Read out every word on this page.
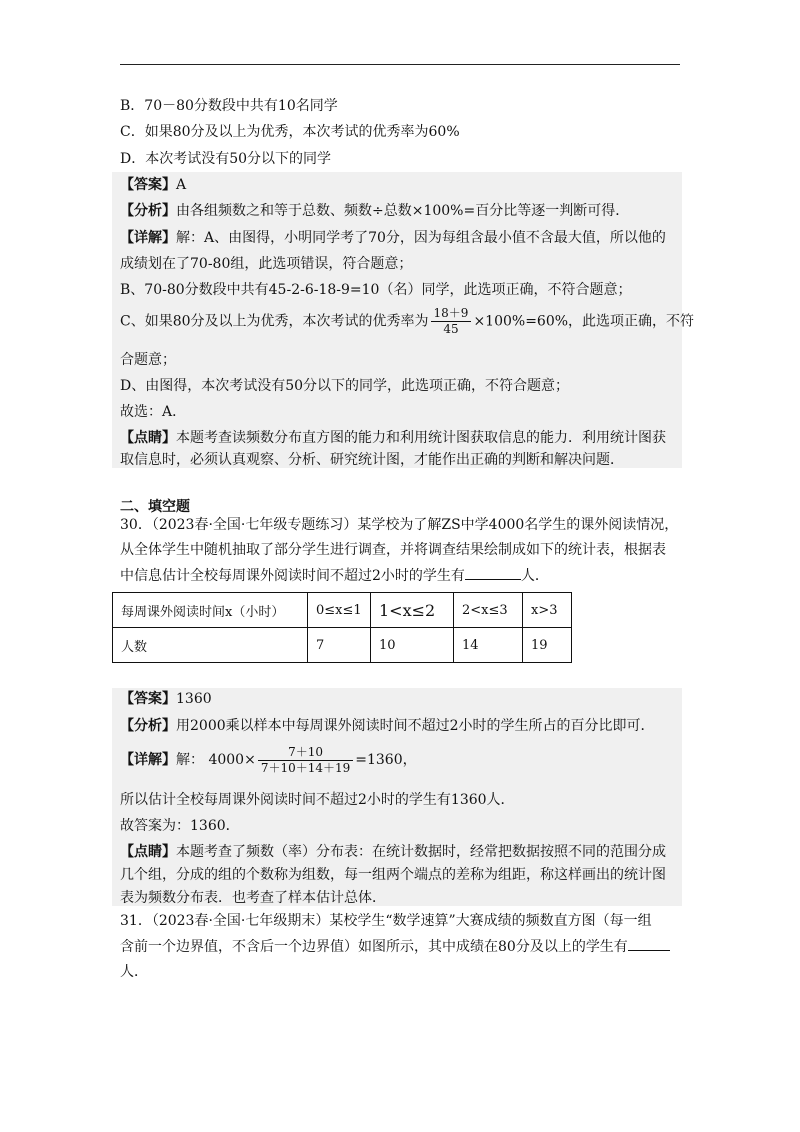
B．70－80分数段中共有10名同学
C．如果80分及以上为优秀，本次考试的优秀率为60%
D．本次考试没有50分以下的同学
【答案】A
【分析】由各组频数之和等于总数、频数÷总数×100%=百分比等逐一判断可得．
【详解】解：A、由图得，小明同学考了70分，因为每组含最小值不含最大值，所以他的
成绩划在了70-80组，此选项错误，符合题意；
B、70-80分数段中共有45-2-6-18-9=10（名）同学，此选项正确，不符合题意；
C、如果80分及以上为优秀，本次考试的优秀率为 $\frac{18+9}{45} \times 100\%=60\%$，此选项正确，不符
合题意；
D、由图得，本次考试没有50分以下的同学，此选项正确，不符合题意；
故选：A．
【点睛】本题考查读频数分布直方图的能力和利用统计图获取信息的能力．利用统计图获
取信息时，必须认真观察、分析、研究统计图，才能作出正确的判断和解决问题．
二、填空题
30．（2023春·全国·七年级专题练习）某学校为了解ZS中学4000名学生的课外阅读情况，
从全体学生中随机抽取了部分学生进行调查，并将调查结果绘制成如下的统计表，根据表
中信息估计全校每周课外阅读时间不超过2小时的学生有	人．
每周课外阅读时间x（小时）	0≤x≤1	1<x≤2	2<x≤3	x>3
人数	7	10	14	19
【答案】1360
【分析】用2000乘以样本中每周课外阅读时间不超过2小时的学生所占的百分比即可．
【详解】解： $4000\times \frac{7+10}{7+10+14+19} =1360$，
所以估计全校每周课外阅读时间不超过2小时的学生有1360人．
故答案为：1360．
【点睛】本题考查了频数（率）分布表：在统计数据时，经常把数据按照不同的范围分成
几个组，分成的组的个数称为组数，每一组两个端点的差称为组距，称这样画出的统计图
表为频数分布表．也考查了样本估计总体．
31．（2023春·全国·七年级期末）某校学生“数学速算”大赛成绩的频数直方图（每一组
含前一个边界值，不含后一个边界值）如图所示，其中成绩在80分及以上的学生有
人．
